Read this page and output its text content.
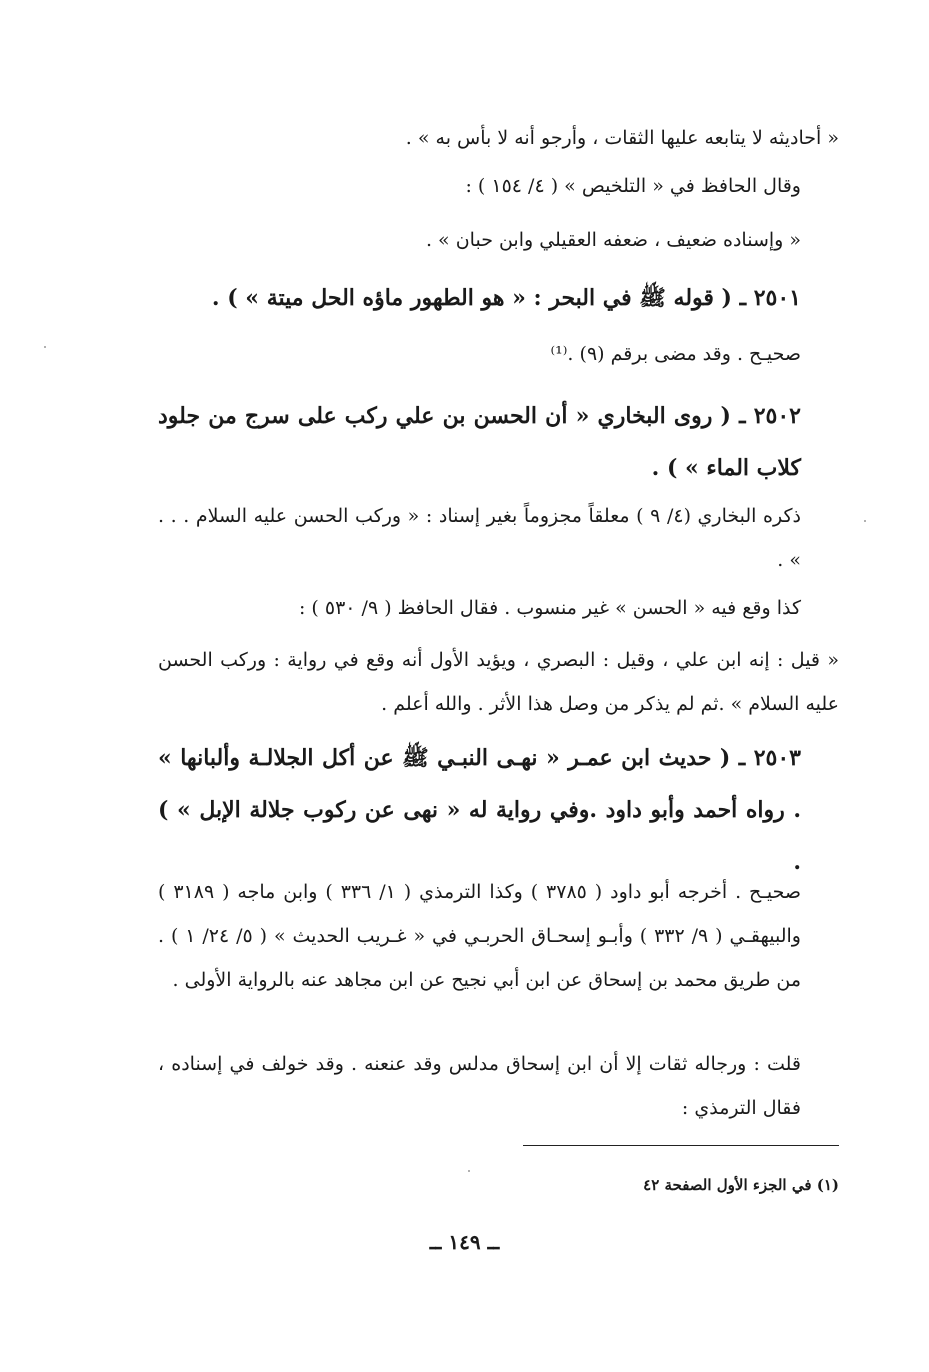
« أحاديثه لا يتابعه عليها الثقات ، وأرجو أنه لا بأس به » .

وقال الحافظ في « التلخيص » ( ٤/ ١٥٤ ) :

« وإسناده ضعيف ، ضعفه العقيلي وابن حبان » .

٢٥٠١ ـ ( قوله ﷺ في البحر : « هو الطهور ماؤه الحل ميتة » ) .

صحيـح . وقد مضى برقم (٩) .⁽¹⁾

٢٥٠٢ ـ ( روى البخاري « أن الحسن بن علي ركب على سرج من جلود كلاب الماء » ) .

ذكره البخاري (٤/ ٩ ) معلقاً مجزوماً بغير إسناد : « وركب الحسن عليه السلام . . . » .

كذا وقع فيه « الحسن » غير منسوب . فقال الحافظ ( ٩/ ٥٣٠ ) :

« قيل : إنه ابن علي ، وقيل : البصري ، ويؤيد الأول أنه وقع في رواية : وركب الحسن عليه السلام » .ثم لم يذكر من وصل هذا الأثر . والله أعلم .

٢٥٠٣ ـ ( حديث ابن عمـر « نهـى النبـي ﷺ عن أكل الجلالـة وألبانها » . رواه أحمد وأبو داود .وفي رواية له « نهى عن ركوب جلالة الإبل » ) .

صحيـح . أخرجه أبو داود ( ٣٧٨٥ ) وكذا الترمذي ( ١/ ٣٣٦ ) وابن ماجه ( ٣١٨٩ ) والبيهقـي ( ٩/ ٣٣٢ ) وأبـو إسحـاق الحربـي في « غـريب الحديث » ( ٥/ ٢٤/ ١ ) . من طريق محمد بن إسحاق عن ابن أبي نجيح عن ابن مجاهد عنه بالرواية الأولى .

قلت : ورجاله ثقات إلا أن ابن إسحاق مدلس وقد عنعنه . وقد خولف في إسناده ، فقال الترمذي :

(١) في الجزء الأول الصفحة ٤٢

ــ ١٤٩ ــ
